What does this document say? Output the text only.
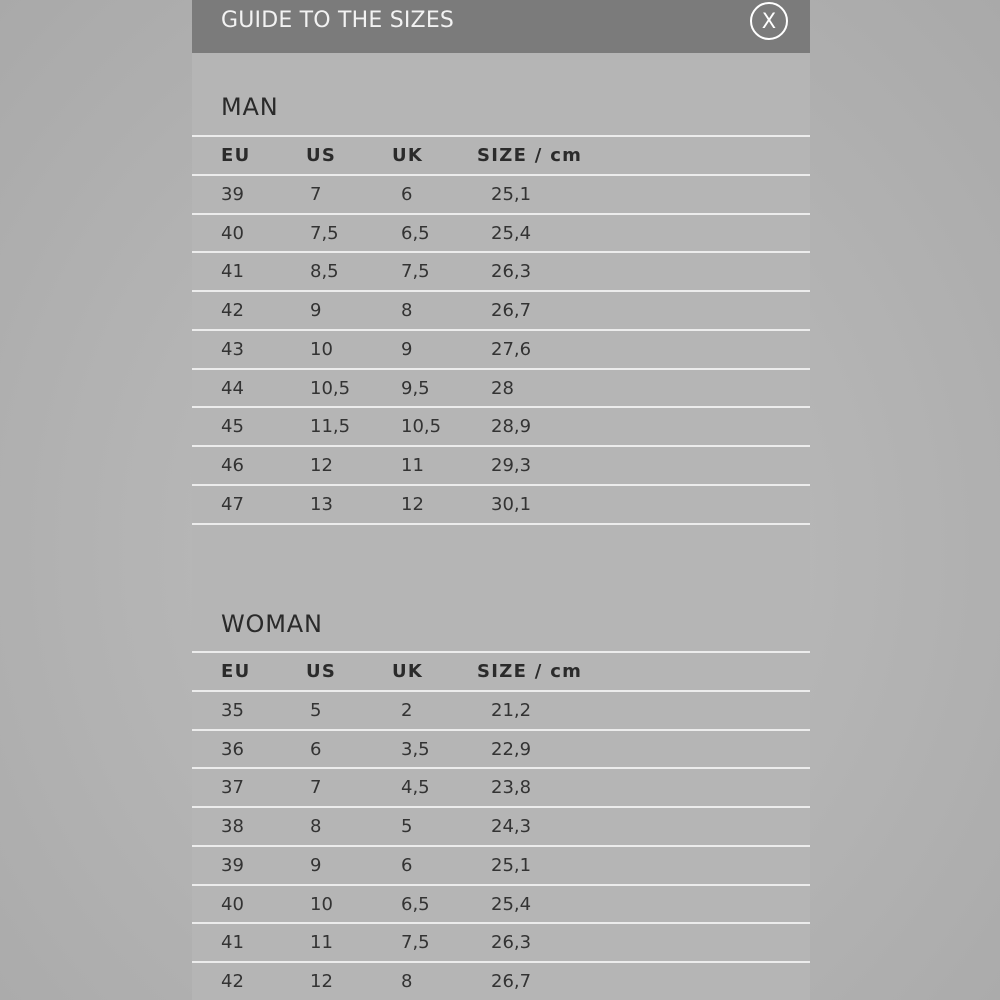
GUIDE TO THE SIZES	X
MAN
EU	US	UK	SIZE / cm
39	7	6	25,1
40	7,5	6,5	25,4
41	8,5	7,5	26,3
42	9	8	26,7
43	10	9	27,6
44	10,5	9,5	28
45	11,5	10,5	28,9
46	12	11	29,3
47	13	12	30,1
WOMAN
EU	US	UK	SIZE / cm
35	5	2	21,2
36	6	3,5	22,9
37	7	4,5	23,8
38	8	5	24,3
39	9	6	25,1
40	10	6,5	25,4
41	11	7,5	26,3
42	12	8	26,7
